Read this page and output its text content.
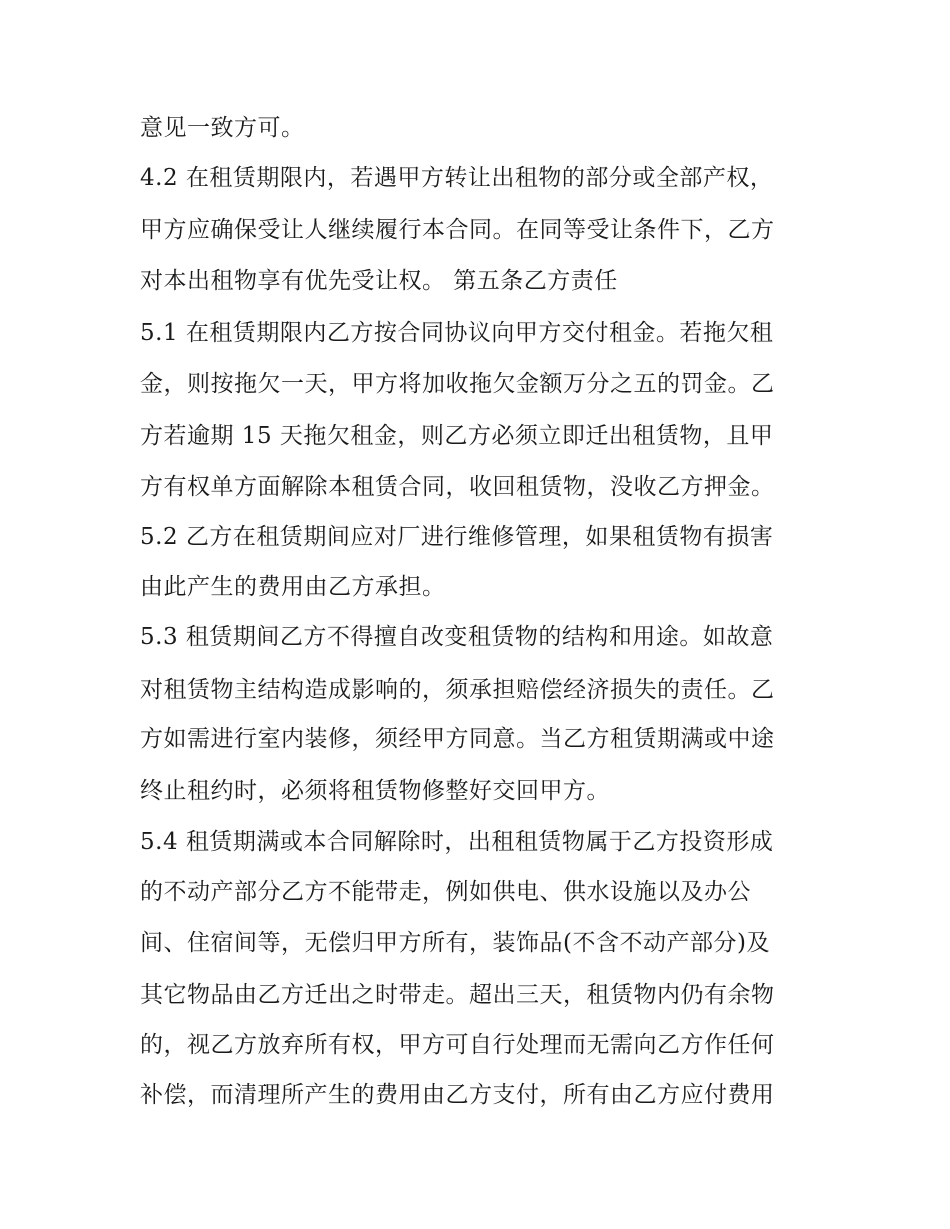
意见一致方可。
4.2 在租赁期限内，若遇甲方转让出租物的部分或全部产权，
甲方应确保受让人继续履行本合同。在同等受让条件下，乙方
对本出租物享有优先受让权。 第五条乙方责任
5.1 在租赁期限内乙方按合同协议向甲方交付租金。若拖欠租
金，则按拖欠一天，甲方将加收拖欠金额万分之五的罚金。乙
方若逾期 15 天拖欠租金，则乙方必须立即迁出租赁物，且甲
方有权单方面解除本租赁合同，收回租赁物，没收乙方押金。
5.2 乙方在租赁期间应对厂进行维修管理，如果租赁物有损害
由此产生的费用由乙方承担。
5.3 租赁期间乙方不得擅自改变租赁物的结构和用途。如故意
对租赁物主结构造成影响的，须承担赔偿经济损失的责任。乙
方如需进行室内装修，须经甲方同意。当乙方租赁期满或中途
终止租约时，必须将租赁物修整好交回甲方。
5.4 租赁期满或本合同解除时，出租租赁物属于乙方投资形成
的不动产部分乙方不能带走，例如供电、供水设施以及办公
间、住宿间等，无偿归甲方所有，装饰品(不含不动产部分)及
其它物品由乙方迁出之时带走。超出三天，租赁物内仍有余物
的，视乙方放弃所有权，甲方可自行处理而无需向乙方作任何
补偿，而清理所产生的费用由乙方支付，所有由乙方应付费用
